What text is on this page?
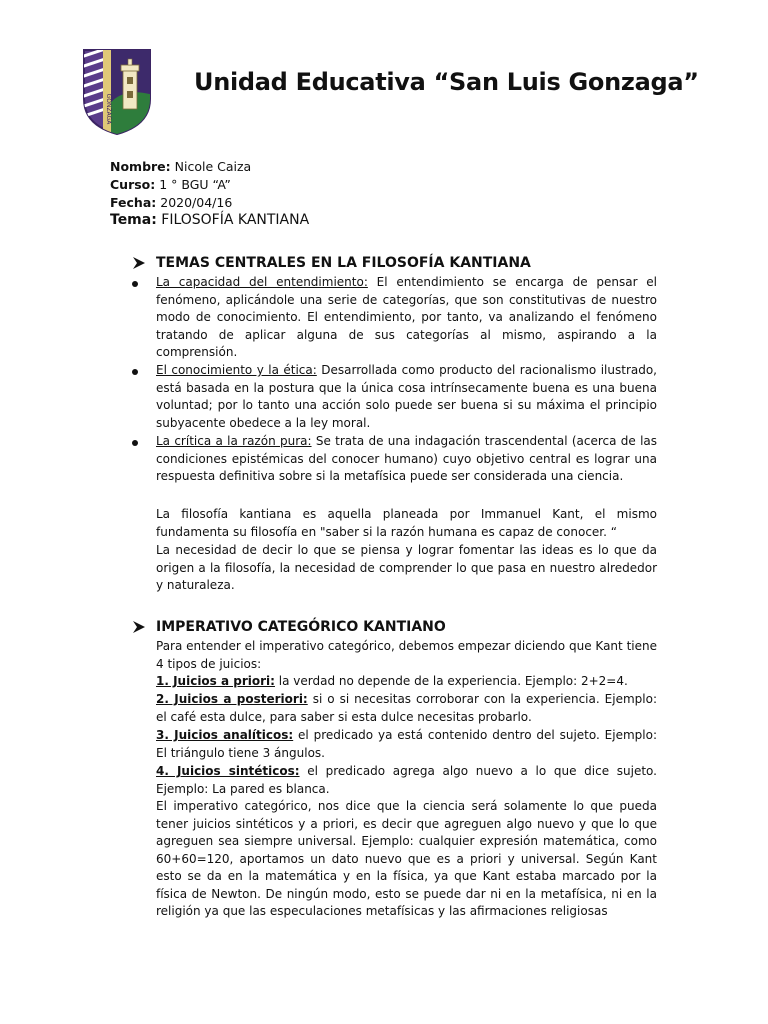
GONZAGA
Unidad Educativa “San Luis Gonzaga”
Nombre: Nicole Caiza
Curso: 1 ° BGU “A”
Fecha: 2020/04/16
Tema: FILOSOFÍA KANTIANA
TEMAS CENTRALES EN LA FILOSOFÍA KANTIANA

La capacidad del entendimiento: El entendimiento se encarga de pensar el fenómeno, aplicándole una serie de categorías, que son constitutivas de nuestro modo de conocimiento. El entendimiento, por tanto, va analizando el fenómeno tratando de aplicar alguna de sus categorías al mismo, aspirando a la comprensión.

El conocimiento y la ética: Desarrollada como producto del racionalismo ilustrado, está basada en la postura que la única cosa intrínsecamente buena es una buena voluntad; por lo tanto una acción solo puede ser buena si su máxima el principio subyacente obedece a la ley moral.

La crítica a la razón pura: Se trata de una indagación trascendental (acerca de las condiciones epistémicas del conocer humano) cuyo objetivo central es lograr una respuesta definitiva sobre si la metafísica puede ser considerada una ciencia.

La filosofía kantiana es aquella planeada por Immanuel Kant, el mismo fundamenta su filosofía en "saber si la razón humana es capaz de conocer. “

La necesidad de decir lo que se piensa y lograr fomentar las ideas es lo que da origen a la filosofía, la necesidad de comprender lo que pasa en nuestro alrededor y naturaleza.

IMPERATIVO CATEGÓRICO KANTIANO

Para entender el imperativo categórico, debemos empezar diciendo que Kant tiene 4 tipos de juicios:

1. Juicios a priori: la verdad no depende de la experiencia. Ejemplo: 2+2=4.

2. Juicios a posteriori: si o si necesitas corroborar con la experiencia. Ejemplo: el café esta dulce, para saber si esta dulce necesitas probarlo.

3. Juicios analíticos: el predicado ya está contenido dentro del sujeto. Ejemplo: El triángulo tiene 3 ángulos.

4. Juicios sintéticos: el predicado agrega algo nuevo a lo que dice sujeto. Ejemplo: La pared es blanca.

El imperativo categórico, nos dice que la ciencia será solamente lo que pueda tener juicios sintéticos y a priori, es decir que agreguen algo nuevo y que lo que agreguen sea siempre universal. Ejemplo: cualquier expresión matemática, como 60+60=120, aportamos un dato nuevo que es a priori y universal. Según Kant esto se da en la matemática y en la física, ya que Kant estaba marcado por la física de Newton. De ningún modo, esto se puede dar ni en la metafísica, ni en la religión ya que las especulaciones metafísicas y las afirmaciones religiosas
